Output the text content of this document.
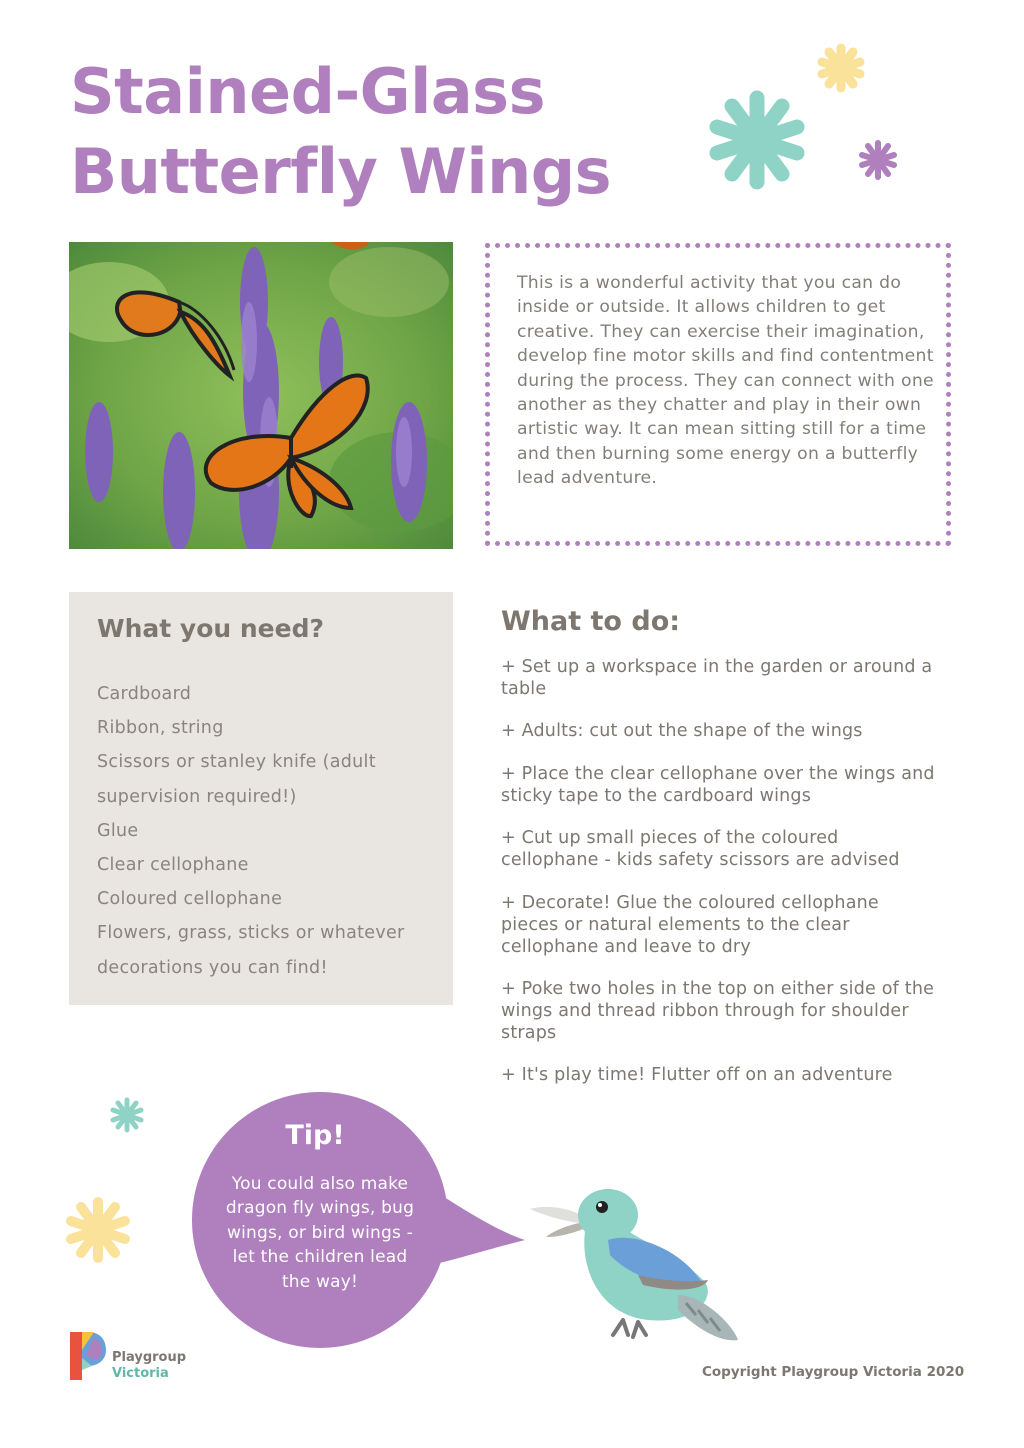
Stained-Glass
Butterfly Wings
This is a wonderful activity that you can do inside or outside. It allows children to get creative. They can exercise their imagination, develop fine motor skills and find contentment during the process. They can connect with one another as they chatter and play in their own artistic way. It can mean sitting still for a time and then burning some energy on a butterfly lead adventure.
What you need?
Cardboard
Ribbon, string
Scissors or stanley knife (adult supervision required!)
Glue
Clear cellophane
Coloured cellophane
Flowers, grass, sticks or whatever decorations you can find!
What to do:
+ Set up a workspace in the garden or around a table
+ Adults: cut out the shape of the wings
+ Place the clear cellophane over the wings and sticky tape to the cardboard wings
+ Cut up small pieces of the coloured cellophane - kids safety scissors are advised
+ Decorate! Glue the coloured cellophane pieces or natural elements to the clear cellophane and leave to dry
+ Poke two holes in the top on either side of the wings and thread ribbon through for shoulder straps
+ It's play time! Flutter off on an adventure
Tip!
You could also make dragon fly wings, bug wings, or bird wings - let the children lead the way!
Playgroup
Victoria	Copyright Playgroup Victoria 2020
